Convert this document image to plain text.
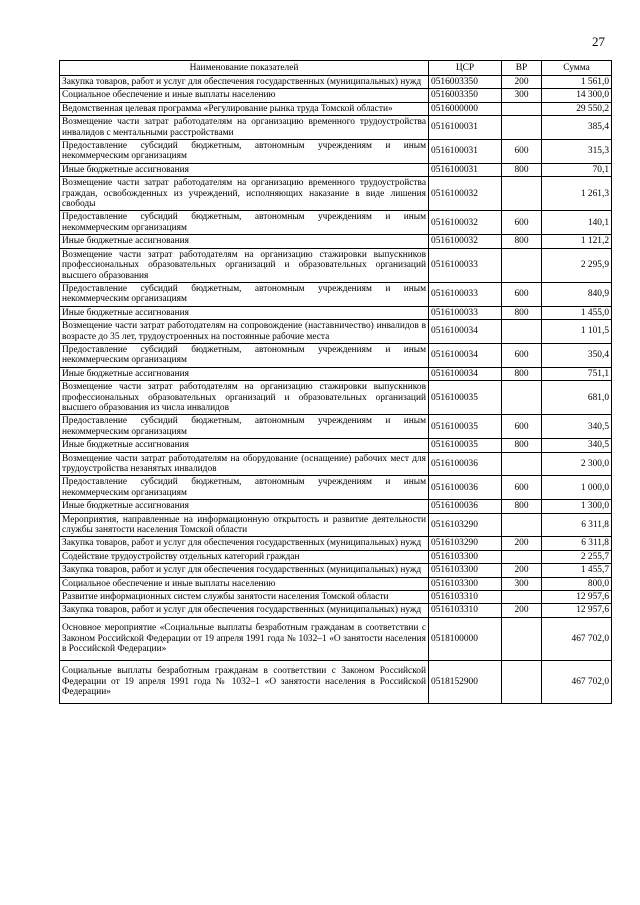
27
Наименование показателей	ЦСР	ВР	Сумма
Закупка товаров, работ и услуг для обеспечения государственных (муниципальных) нужд	0516003350	200	1 561,0
Социальное обеспечение и иные выплаты населению	0516003350	300	14 300,0
Ведомственная целевая программа «Регулирование рынка труда Томской области»	0516000000		29 550,2
Возмещение части затрат работодателям на организацию временного трудоустройства инвалидов с ментальными расстройствами	0516100031		385,4
Предоставление субсидий бюджетным, автономным учреждениям и иным некоммерческим организациям	0516100031	600	315,3
Иные бюджетные ассигнования	0516100031	800	70,1
Возмещение части затрат работодателям на организацию временного трудоустройства граждан, освобожденных из учреждений, исполняющих наказание в виде лишения свободы	0516100032		1 261,3
Предоставление субсидий бюджетным, автономным учреждениям и иным некоммерческим организациям	0516100032	600	140,1
Иные бюджетные ассигнования	0516100032	800	1 121,2
Возмещение части затрат работодателям на организацию стажировки выпускников профессиональных образовательных организаций и образовательных организаций высшего образования	0516100033		2 295,9
Предоставление субсидий бюджетным, автономным учреждениям и иным некоммерческим организациям	0516100033	600	840,9
Иные бюджетные ассигнования	0516100033	800	1 455,0
Возмещение части затрат работодателям на сопровождение (наставничество) инвалидов в возрасте до 35 лет, трудоустроенных на постоянные рабочие места	0516100034		1 101,5
Предоставление субсидий бюджетным, автономным учреждениям и иным некоммерческим организациям	0516100034	600	350,4
Иные бюджетные ассигнования	0516100034	800	751,1
Возмещение части затрат работодателям на организацию стажировки выпускников профессиональных образовательных организаций и образовательных организаций высшего образования из числа инвалидов	0516100035		681,0
Предоставление субсидий бюджетным, автономным учреждениям и иным некоммерческим организациям	0516100035	600	340,5
Иные бюджетные ассигнования	0516100035	800	340,5
Возмещение части затрат работодателям на оборудование (оснащение) рабочих мест для трудоустройства незанятых инвалидов	0516100036		2 300,0
Предоставление субсидий бюджетным, автономным учреждениям и иным некоммерческим организациям	0516100036	600	1 000,0
Иные бюджетные ассигнования	0516100036	800	1 300,0
Мероприятия, направленные на информационную открытость и развитие деятельности службы занятости населения Томской области	0516103290		6 311,8
Закупка товаров, работ и услуг для обеспечения государственных (муниципальных) нужд	0516103290	200	6 311,8
Содействие трудоустройству отдельных категорий граждан	0516103300		2 255,7
Закупка товаров, работ и услуг для обеспечения государственных (муниципальных) нужд	0516103300	200	1 455,7
Социальное обеспечение и иные выплаты населению	0516103300	300	800,0
Развитие информационных систем службы занятости населения Томской области	0516103310		12 957,6
Закупка товаров, работ и услуг для обеспечения государственных (муниципальных) нужд	0516103310	200	12 957,6
Основное мероприятие «Социальные выплаты безработным гражданам в соответствии с Законом Российской Федерации от 19 апреля 1991 года № 1032–1 «О занятости населения в Российской Федерации»	0518100000		467 702,0
Социальные выплаты безработным гражданам в соответствии с Законом Российской Федерации от 19 апреля 1991 года № 1032–1 «О занятости населения в Российской Федерации»	0518152900		467 702,0
